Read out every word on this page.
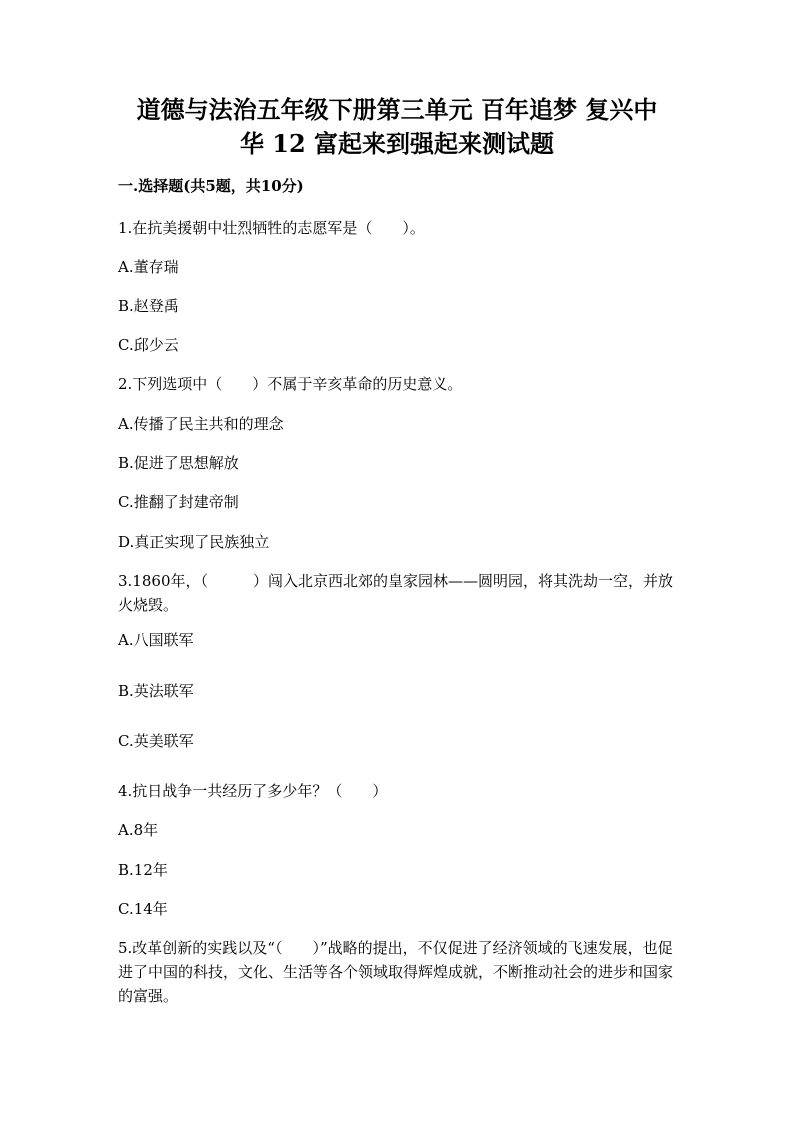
道德与法治五年级下册第三单元 百年追梦 复兴中
华 12 富起来到强起来测试题
一.选择题(共5题，共10分)
1.在抗美援朝中壮烈牺牲的志愿军是（　　）。
A.董存瑞
B.赵登禹
C.邱少云
2.下列选项中（　　）不属于辛亥革命的历史意义。
A.传播了民主共和的理念
B.促进了思想解放
C.推翻了封建帝制
D.真正实现了民族独立
3.1860年，（　　　）闯入北京西北郊的皇家园林——圆明园，将其洗劫一空，并放火烧毁。
A.八国联军
B.英法联军
C.英美联军
4.抗日战争一共经历了多少年？（　　）
A.8年
B.12年
C.14年
5.改革创新的实践以及“（　　）”战略的提出，不仅促进了经济领域的飞速发展，也促进了中国的科技，文化、生活等各个领域取得辉煌成就，不断推动社会的进步和国家的富强。
